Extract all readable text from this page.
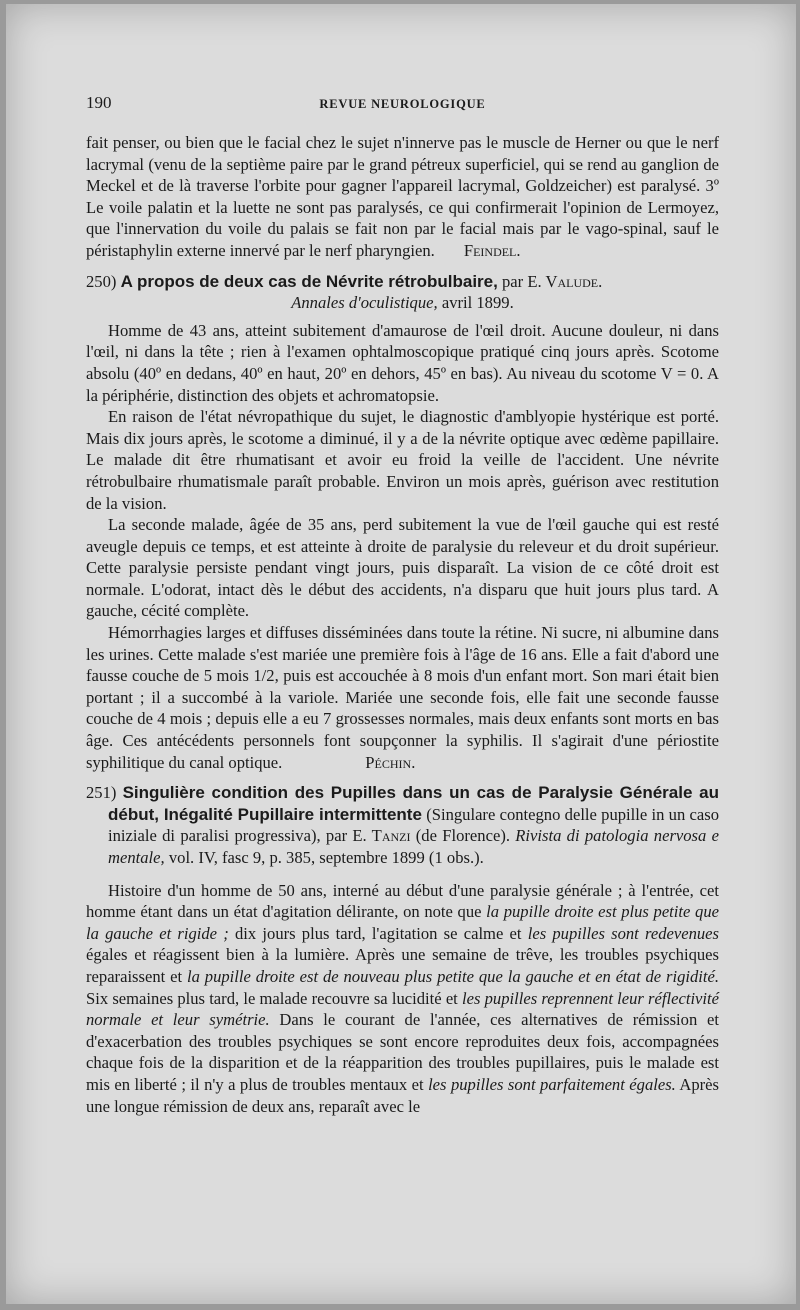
190	REVUE NEUROLOGIQUE

fait penser, ou bien que le facial chez le sujet n'innerve pas le muscle de Herner ou que le nerf lacrymal (venu de la septième paire par le grand pétreux superficiel, qui se rend au ganglion de Meckel et de là traverse l'orbite pour gagner l'appareil lacrymal, Goldzeicher) est paralysé. 3º Le voile palatin et la luette ne sont pas paralysés, ce qui confirmerait l'opinion de Lermoyez, que l'innervation du voile du palais se fait non par le facial mais par le vago-spinal, sauf le péristaphylin externe innervé par le nerf pharyngien. Feindel.

250) A propos de deux cas de Névrite rétrobulbaire, par E. Valude.

Annales d'oculistique, avril 1899.

Homme de 43 ans, atteint subitement d'amaurose de l'œil droit. Aucune douleur, ni dans l'œil, ni dans la tête ; rien à l'examen ophtalmoscopique pratiqué cinq jours après. Scotome absolu (40º en dedans, 40º en haut, 20º en dehors, 45º en bas). Au niveau du scotome V = 0. A la périphérie, distinction des objets et achromatopsie.

En raison de l'état névropathique du sujet, le diagnostic d'amblyopie hystérique est porté. Mais dix jours après, le scotome a diminué, il y a de la névrite optique avec œdème papillaire. Le malade dit être rhumatisant et avoir eu froid la veille de l'accident. Une névrite rétrobulbaire rhumatismale paraît probable. Environ un mois après, guérison avec restitution de la vision.

La seconde malade, âgée de 35 ans, perd subitement la vue de l'œil gauche qui est resté aveugle depuis ce temps, et est atteinte à droite de paralysie du releveur et du droit supérieur. Cette paralysie persiste pendant vingt jours, puis disparaît. La vision de ce côté droit est normale. L'odorat, intact dès le début des accidents, n'a disparu que huit jours plus tard. A gauche, cécité complète.

Hémorrhagies larges et diffuses disséminées dans toute la rétine. Ni sucre, ni albumine dans les urines. Cette malade s'est mariée une première fois à l'âge de 16 ans. Elle a fait d'abord une fausse couche de 5 mois 1/2, puis est accouchée à 8 mois d'un enfant mort. Son mari était bien portant ; il a succombé à la variole. Mariée une seconde fois, elle fait une seconde fausse couche de 4 mois ; depuis elle a eu 7 grossesses normales, mais deux enfants sont morts en bas âge. Ces antécédents personnels font soupçonner la syphilis. Il s'agirait d'une périostite syphilitique du canal optique.	Péchin.

251) Singulière condition des Pupilles dans un cas de Paralysie Générale au début, Inégalité Pupillaire intermittente (Singulare contegno delle pupille in un caso iniziale di paralisi progressiva), par E. Tanzi (de Florence). Rivista di patologia nervosa e mentale, vol. IV, fasc 9, p. 385, septembre 1899 (1 obs.).

Histoire d'un homme de 50 ans, interné au début d'une paralysie générale ; à l'entrée, cet homme étant dans un état d'agitation délirante, on note que la pupille droite est plus petite que la gauche et rigide ; dix jours plus tard, l'agitation se calme et les pupilles sont redevenues égales et réagissent bien à la lumière. Après une semaine de trêve, les troubles psychiques reparaissent et la pupille droite est de nouveau plus petite que la gauche et en état de rigidité. Six semaines plus tard, le malade recouvre sa lucidité et les pupilles reprennent leur réflectivité normale et leur symétrie. Dans le courant de l'année, ces alternatives de rémission et d'exacerbation des troubles psychiques se sont encore reproduites deux fois, accompagnées chaque fois de la disparition et de la réapparition des troubles pupillaires, puis le malade est mis en liberté ; il n'y a plus de troubles mentaux et les pupilles sont parfaitement égales. Après une longue rémission de deux ans, reparaît avec le
